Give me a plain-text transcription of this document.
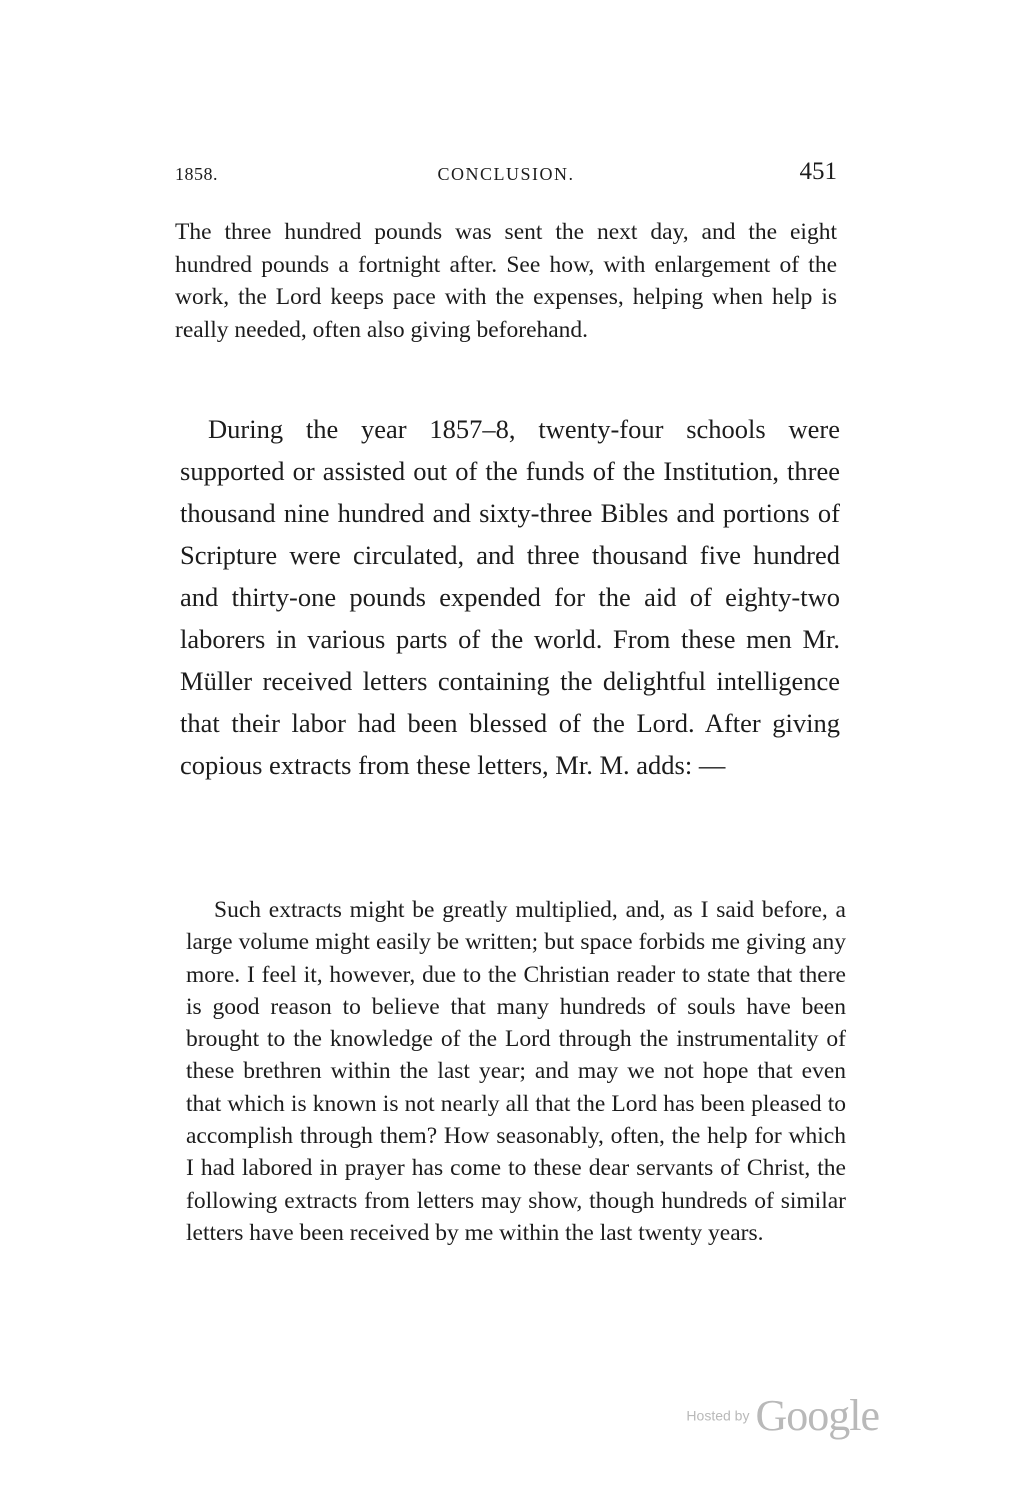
1858.	CONCLUSION.	451

The three hundred pounds was sent the next day, and the eight hundred pounds a fortnight after. See how, with enlargement of the work, the Lord keeps pace with the expenses, helping when help is really needed, often also giving beforehand.

During the year 1857–8, twenty-four schools were supported or assisted out of the funds of the Institution, three thousand nine hundred and sixty-three Bibles and portions of Scripture were circulated, and three thousand five hundred and thirty-one pounds expended for the aid of eighty-two laborers in various parts of the world. From these men Mr. Müller received letters containing the delightful intelligence that their labor had been blessed of the Lord. After giving copious extracts from these letters, Mr. M. adds: —

Such extracts might be greatly multiplied, and, as I said before, a large volume might easily be written; but space forbids me giving any more. I feel it, however, due to the Christian reader to state that there is good reason to believe that many hundreds of souls have been brought to the knowledge of the Lord through the instrumentality of these brethren within the last year; and may we not hope that even that which is known is not nearly all that the Lord has been pleased to accomplish through them? How seasonably, often, the help for which I had labored in prayer has come to these dear servants of Christ, the following extracts from letters may show, though hundreds of similar letters have been received by me within the last twenty years.

Hosted by Google
